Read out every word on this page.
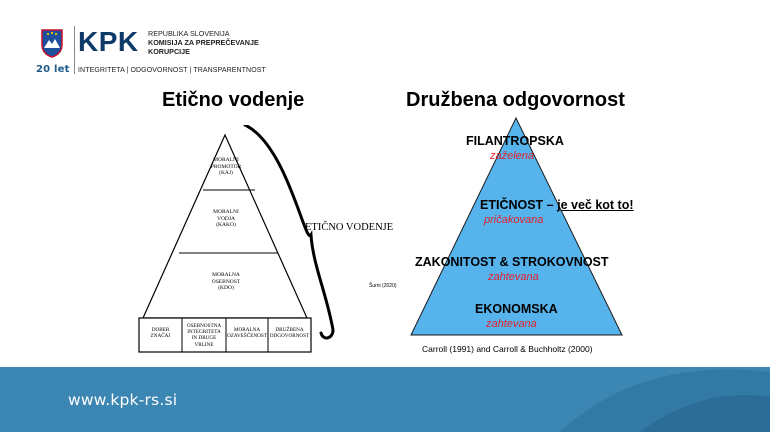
20 let
KPK REPUBLIKA SLOVENIJA
KOMISIJA ZA PREPREČEVANJE
KORUPCIJE
INTEGRITETA | ODGOVORNOST | TRANSPARENTNOST
Etično vodenje	Družbena odgovornost
MORALNI
PROMOTOR
(KAJ)
MORALNI
VODJA
(KAKO)
MORALNA
OSEBNOST
(KDO)
DOBER
ZNAČAJ
OSEBNOSTNA
INTEGRITETA
IN DRUGE VRLINE
MORALNA
OZAVEŠČENOST
DRUŽBENA
ODGOVORNOST
ETIČNO VODENJE
Šurni (2020)
FILANTROPSKA
zaželena
ETIČNOST – je več kot to!
pričakovana
ZAKONITOST & STROKOVNOST
zahtevana
EKONOMSKA
zahtevana
Carroll (1991) and Carroll & Buchholtz (2000)
www.kpk-rs.si
